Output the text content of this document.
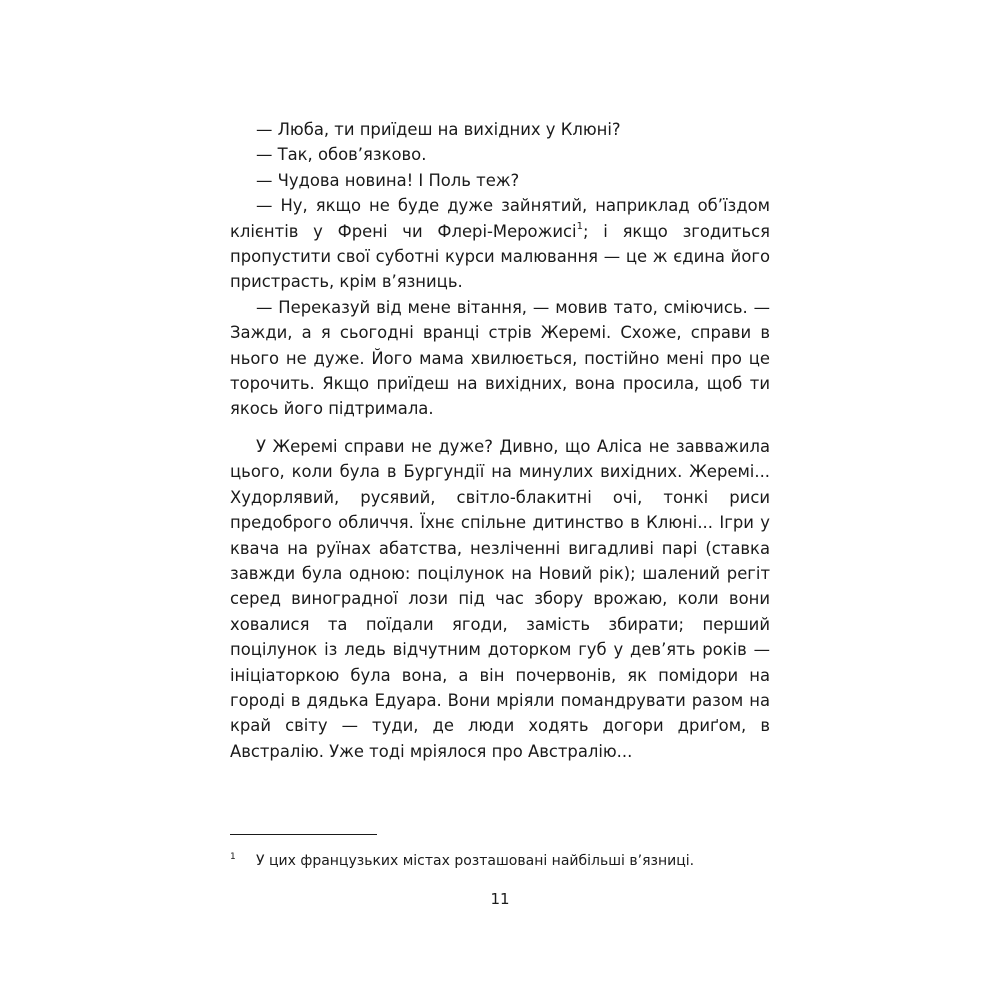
— Люба, ти приїдеш на вихідних у Клюні?

— Так, обов’язково.

— Чудова новина! І Поль теж?

— Ну, якщо не буде дуже зайнятий, наприклад об’їздом клієнтів у Френі чи Флері-Мерожисі$^1$; і якщо згодиться пропустити свої суботні курси малювання — це ж єдина його пристрасть, крім в’язниць.

— Переказуй від мене вітання, — мовив тато, сміючись. — Зажди, а я сьогодні вранці стрів Жеремі. Схоже, справи в нього не дуже. Його мама хвилюється, постійно мені про це торочить. Якщо приїдеш на вихідних, вона просила, щоб ти якось його підтримала.

У Жеремі справи не дуже? Дивно, що Аліса не завважила цього, коли була в Бургундії на минулих вихідних. Жеремі... Худорлявий, русявий, світло-блакитні очі, тонкі риси предоброго обличчя. Їхнє спільне дитинство в Клюні... Ігри у квача на руїнах абатства, незліченні вигадливі парі (ставка завжди була одною: поцілунок на Новий рік); шалений регіт серед виноградної лози під час збору врожаю, коли вони ховалися та поїдали ягоди, замість збирати; перший поцілунок із ледь відчутним доторком губ у дев’ять років — ініціаторкою була вона, а він почервонів, як помідори на городі в дядька Едуара. Вони мріяли помандрувати разом на край світу — туди, де люди ходять догори дриґом, в Австралію. Уже тоді мріялося про Австралію...

1 У цих французьких містах розташовані найбільші в’язниці.
11
